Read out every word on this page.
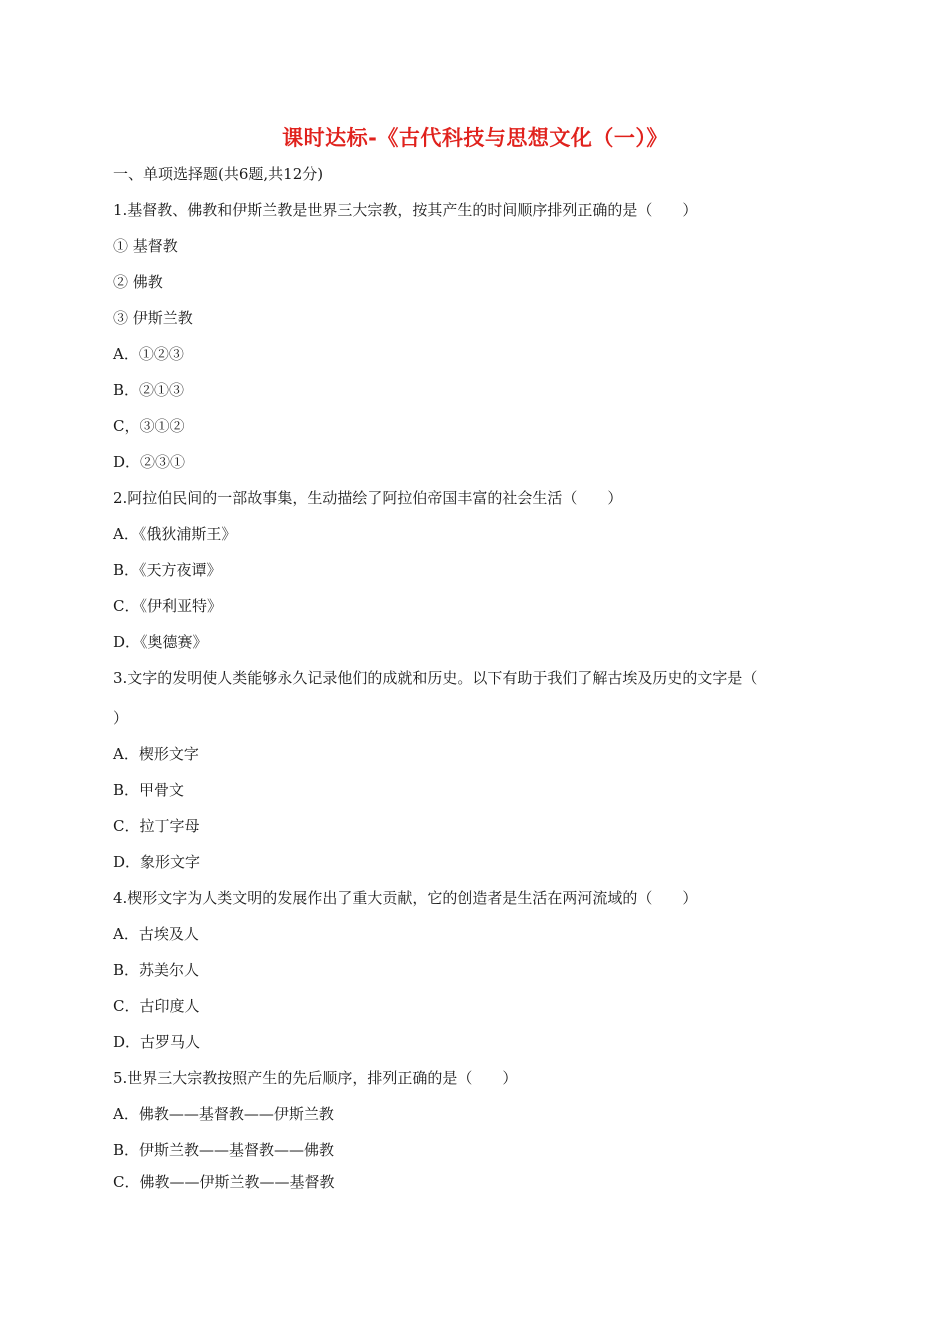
课时达标-《古代科技与思想文化（一）》
一、单项选择题(共6题,共12分)
1.基督教、佛教和伊斯兰教是世界三大宗教，按其产生的时间顺序排列正确的是（　　）
① 基督教
② 佛教
③ 伊斯兰教
A．①②③
B．②①③
C，③①②
D．②③①
2.阿拉伯民间的一部故事集，生动描绘了阿拉伯帝国丰富的社会生活（　　）
A．《俄狄浦斯王》
B．《天方夜谭》
C．《伊利亚特》
D．《奥德赛》
3.文字的发明使人类能够永久记录他们的成就和历史。以下有助于我们了解古埃及历史的文字是（
）
A．楔形文字
B．甲骨文
C．拉丁字母
D．象形文字
4.楔形文字为人类文明的发展作出了重大贡献，它的创造者是生活在两河流域的（　　）
A．古埃及人
B．苏美尔人
C．古印度人
D．古罗马人
5.世界三大宗教按照产生的先后顺序，排列正确的是（　　）
A．佛教——基督教——伊斯兰教
B．伊斯兰教——基督教——佛教
C．佛教——伊斯兰教——基督教
